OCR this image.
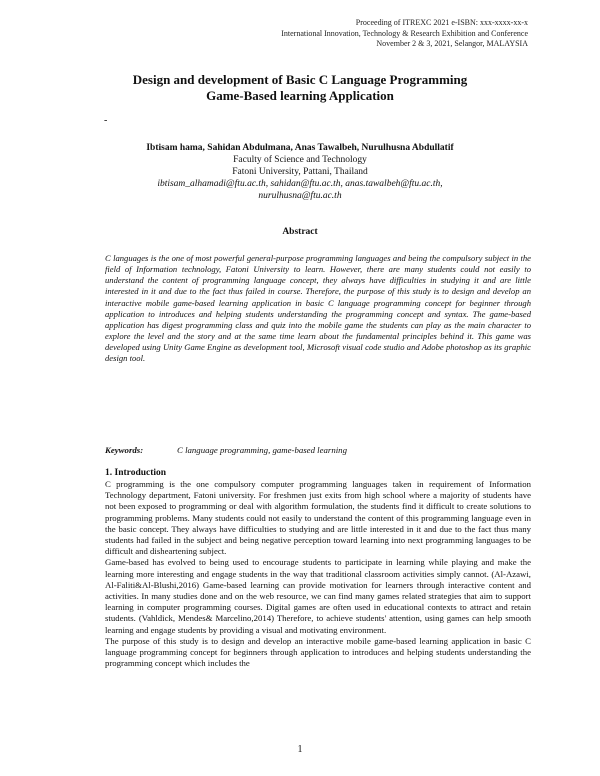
Proceeding of ITREXC 2021 e-ISBN: xxx-xxxx-xx-x
International Innovation, Technology & Research Exhibition and Conference
November 2 & 3, 2021, Selangor, MALAYSIA
Design and development of Basic C Language Programming
Game-Based learning Application
-
Ibtisam hama, Sahidan Abdulmana, Anas Tawalbeh, Nurulhusna Abdullatif
Faculty of Science and Technology
Fatoni University, Pattani, Thailand
ibtisam_alhamadi@ftu.ac.th, sahidan@ftu.ac.th, anas.tawalbeh@ftu.ac.th,
nurulhusna@ftu.ac.th
Abstract
C languages is the one of most powerful general-purpose programming languages and being the compulsory subject in the field of Information technology, Fatoni University to learn. However, there are many students could not easily to understand the content of programming language concept, they always have difficulties in studying it and are little interested in it and due to the fact thus failed in course. Therefore, the purpose of this study is to design and develop an interactive mobile game-based learning application in basic C language programming concept for beginner through application to introduces and helping students understanding the programming concept and syntax. The game-based application has digest programming class and quiz into the mobile game the students can play as the main character to explore the level and the story and at the same time learn about the fundamental principles behind it. This game was developed using Unity Game Engine as development tool, Microsoft visual code studio and Adobe photoshop as its graphic design tool.
Keywords:	C language programming, game-based learning
1. Introduction

C programming is the one compulsory computer programming languages taken in requirement of Information Technology department, Fatoni university. For freshmen just exits from high school where a majority of students have not been exposed to programming or deal with algorithm formulation, the students find it difficult to create solutions to programming problems. Many students could not easily to understand the content of this programming language even in the basic concept. They always have difficulties to studying and are little interested in it and due to the fact thus many students had failed in the subject and being negative perception toward learning into next programming languages to be difficult and disheartening subject.

Game-based has evolved to being used to encourage students to participate in learning while playing and make the learning more interesting and engage students in the way that traditional classroom activities simply cannot. (Al-Azawi, Al-Faliti&Al-Blushi,2016) Game-based learning can provide motivation for learners through interactive content and activities. In many studies done and on the web resource, we can find many games related strategies that aim to support learning in computer programming courses. Digital games are often used in educational contexts to attract and retain students. (Vahldick, Mendes& Marcelino,2014) Therefore, to achieve students' attention, using games can help smooth learning and engage students by providing a visual and motivating environment.

The purpose of this study is to design and develop an interactive mobile game-based learning application in basic C language programming concept for beginners through application to introduces and helping students understanding the programming concept which includes the

1
